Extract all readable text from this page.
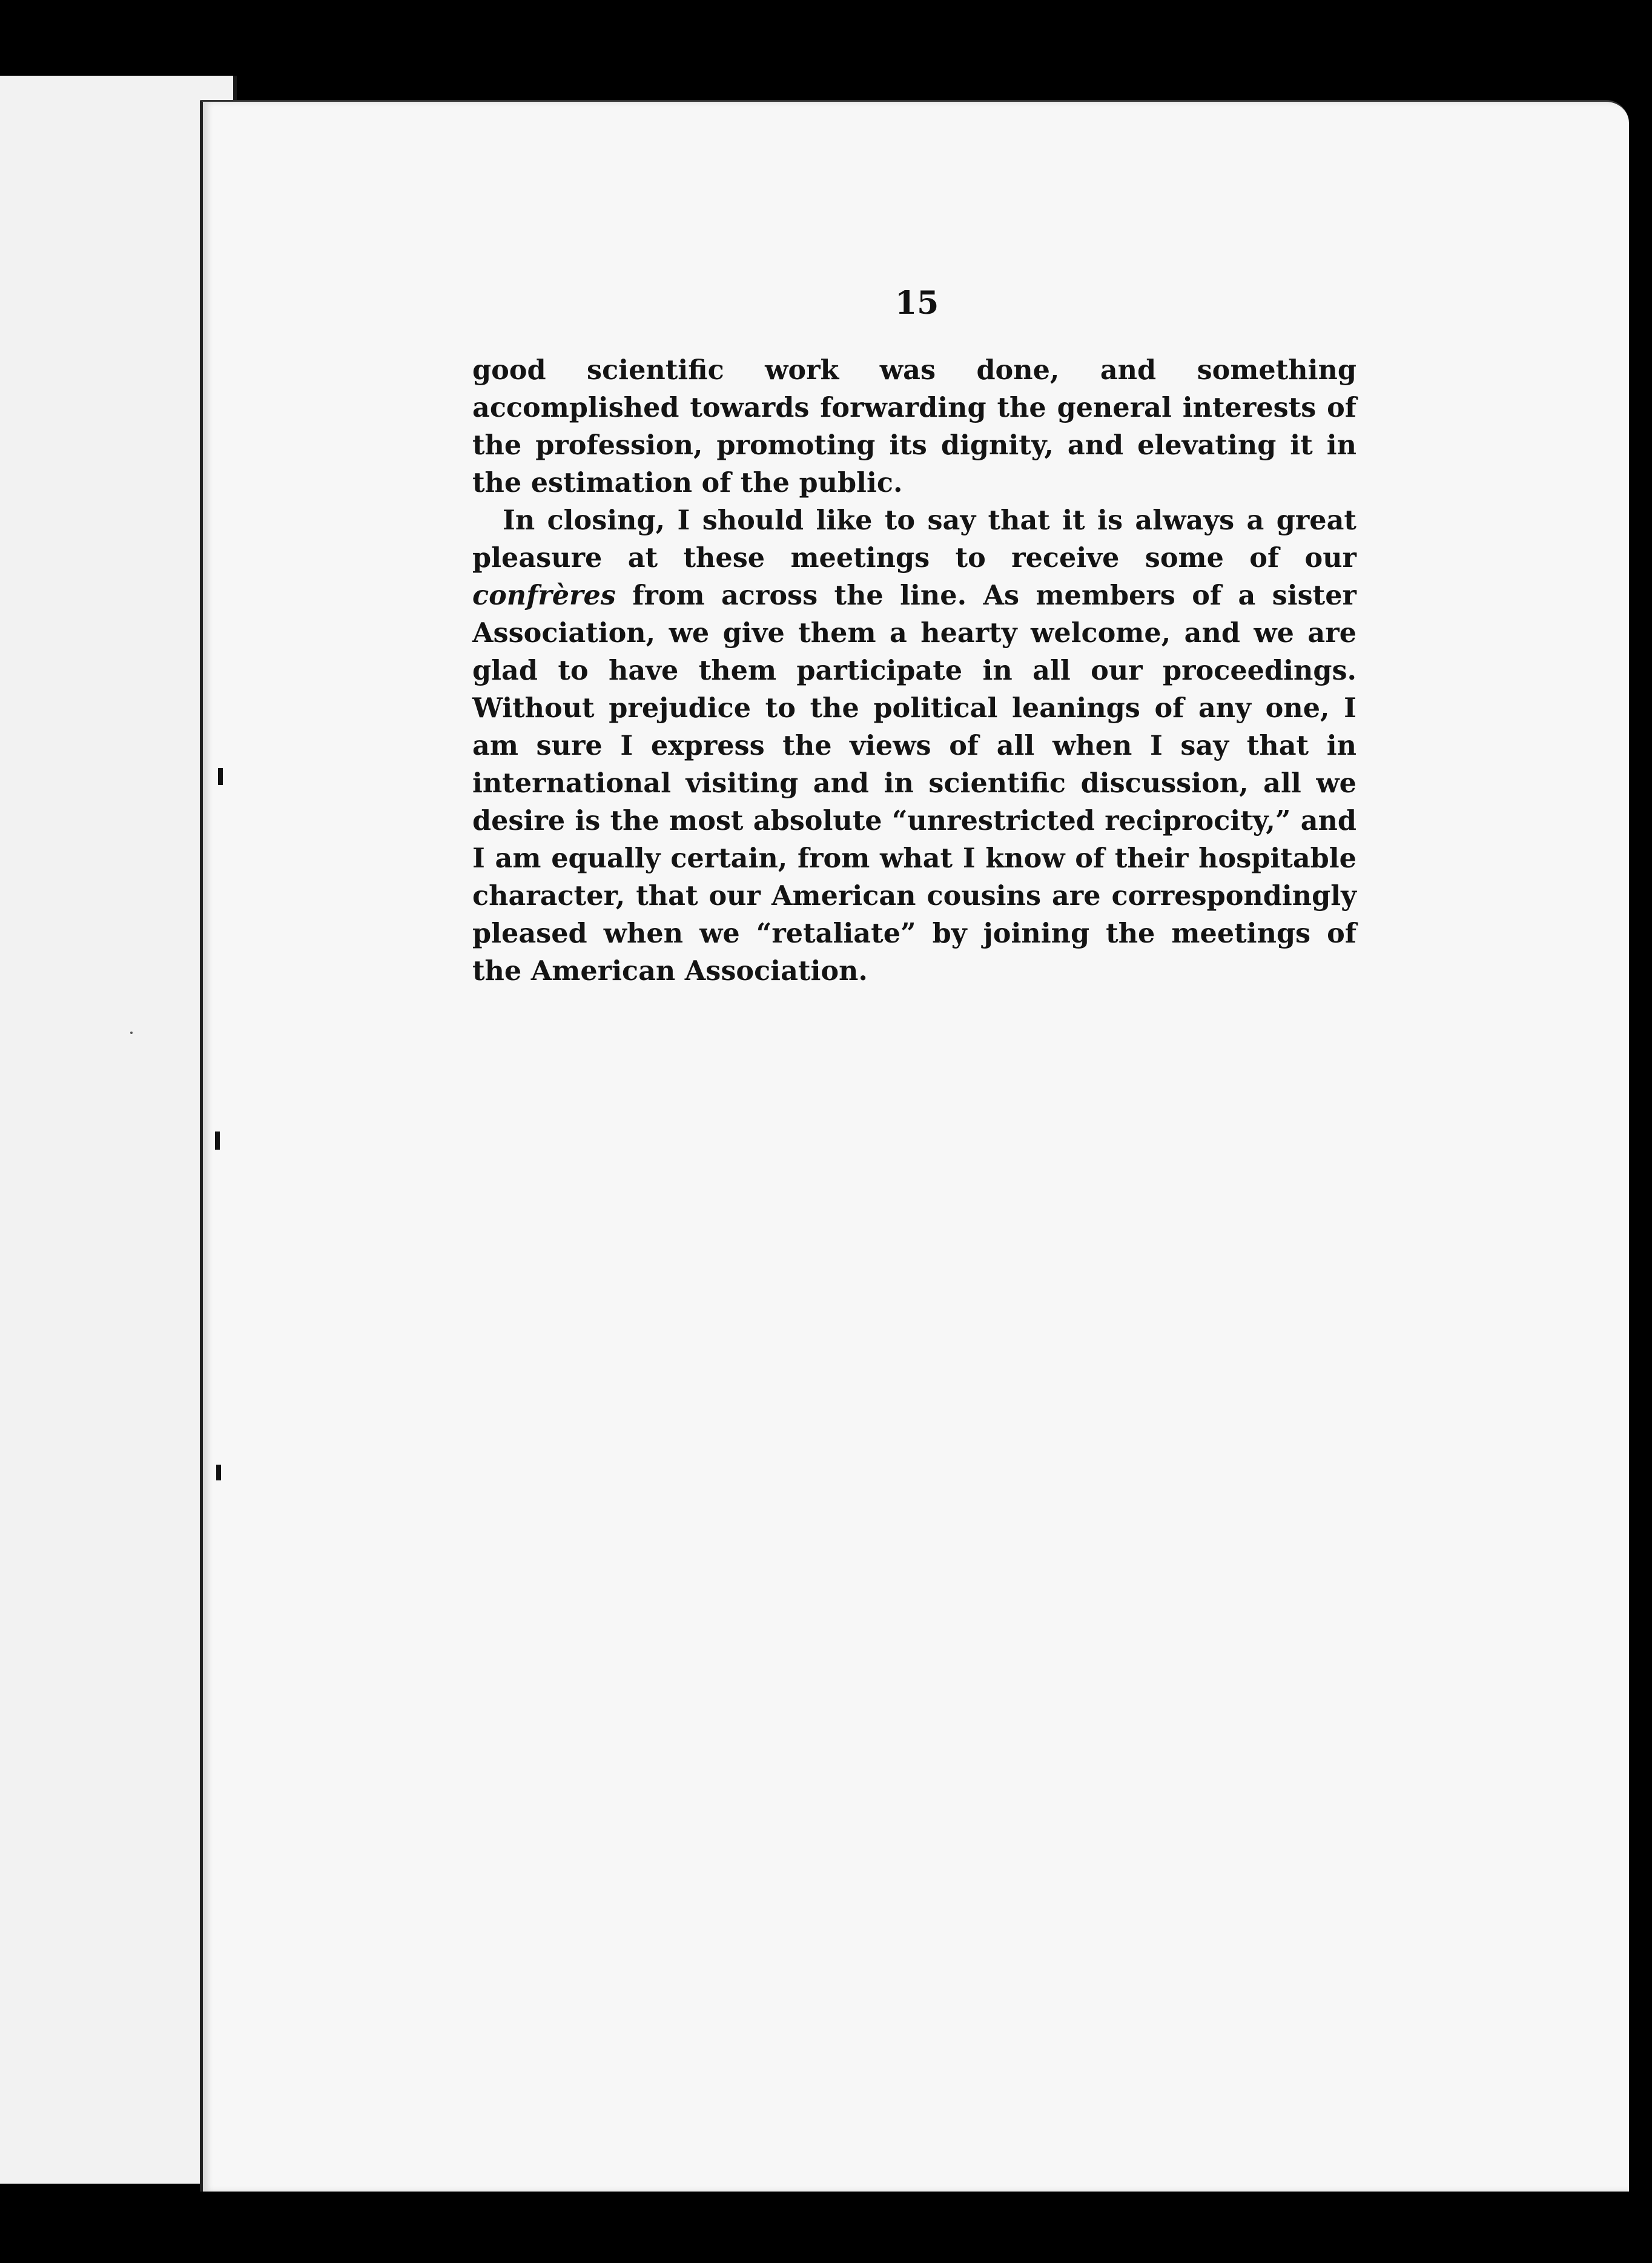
15

good scientific work was done, and something accomplished towards forwarding the general interests of the profession, promoting its dignity, and elevating it in the estimation of the public.

In closing, I should like to say that it is always a great pleasure at these meetings to receive some of our confrères from across the line. As members of a sister Association, we give them a hearty welcome, and we are glad to have them participate in all our proceedings. Without prejudice to the political leanings of any one, I am sure I express the views of all when I say that in international visiting and in scientific discussion, all we desire is the most absolute “unrestricted reciprocity,” and I am equally certain, from what I know of their hospitable character, that our American cousins are correspondingly pleased when we “retaliate” by joining the meetings of the American Association.
